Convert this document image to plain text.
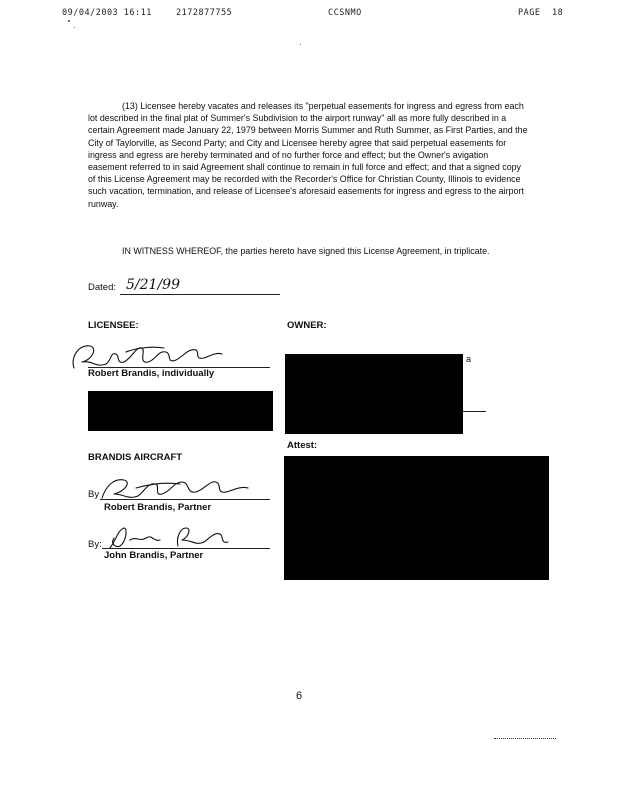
09/04/2003 16:11	2172877755	CCSNMO	PAGE 18
(13) Licensee hereby vacates and releases its "perpetual easements for ingress and egress from each lot described in the final plat of Summer's Subdivision to the airport runway" all as more fully described in a certain Agreement made January 22, 1979 between Morris Summer and Ruth Summer, as First Parties, and the City of Taylorville, as Second Party; and City and Licensee hereby agree that said perpetual easements for ingress and egress are hereby terminated and of no further force and effect; but the Owner's avigation easement referred to in said Agreement shall continue to remain in full force and effect; and that a signed copy of this License Agreement may be recorded with the Recorder's Office for Christian County, Illinois to evidence such vacation, termination, and release of Licensee's aforesaid easements for ingress and egress to the airport runway.
IN WITNESS WHEREOF, the parties hereto have signed this License Agreement, in triplicate.
Dated: 5/21/99
LICENSEE:	OWNER:
Robert Brandis, individually
a
Attest:
BRANDIS AIRCRAFT
By
Robert Brandis, Partner
By:
John Brandis, Partner
6
